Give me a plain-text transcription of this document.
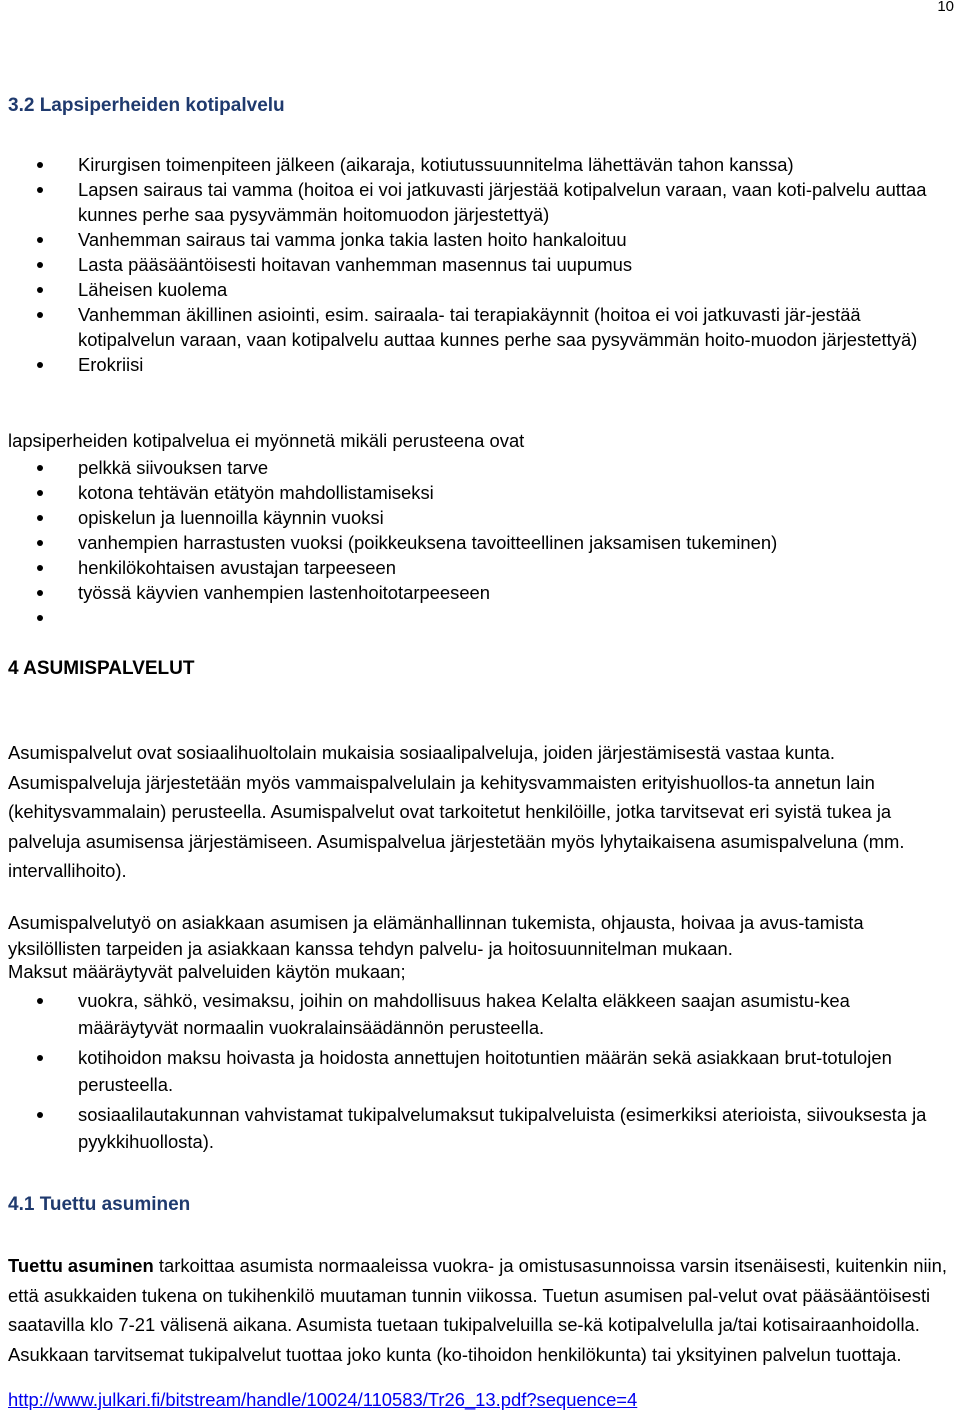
10
3.2 Lapsiperheiden kotipalvelu
Kirurgisen toimenpiteen jälkeen (aikaraja, kotiutussuunnitelma lähettävän tahon kanssa)
Lapsen sairaus tai vamma (hoitoa ei voi jatkuvasti järjestää kotipalvelun varaan, vaan koti-palvelu auttaa kunnes perhe saa pysyvämmän hoitomuodon järjestettyä)
Vanhemman sairaus tai vamma jonka takia lasten hoito hankaloituu
Lasta pääsääntöisesti hoitavan vanhemman masennus tai uupumus
Läheisen kuolema
Vanhemman äkillinen asiointi, esim. sairaala- tai terapiakäynnit (hoitoa ei voi jatkuvasti jär-jestää kotipalvelun varaan, vaan kotipalvelu auttaa kunnes perhe saa pysyvämmän hoito-muodon järjestettyä)
Erokriisi

lapsiperheiden kotipalvelua ei myönnetä mikäli perusteena ovat

pelkkä siivouksen tarve
kotona tehtävän etätyön mahdollistamiseksi
opiskelun ja luennoilla käynnin vuoksi
vanhempien harrastusten vuoksi (poikkeuksena tavoitteellinen jaksamisen tukeminen)
henkilökohtaisen avustajan tarpeeseen
työssä käyvien vanhempien lastenhoitotarpeeseen
4 ASUMISPALVELUT

Asumispalvelut ovat sosiaalihuoltolain mukaisia sosiaalipalveluja, joiden järjestämisestä vastaa kunta. Asumispalveluja järjestetään myös vammaispalvelulain ja kehitysvammaisten erityishuollos-ta annetun lain (kehitysvammalain) perusteella. Asumispalvelut ovat tarkoitetut henkilöille, jotka tarvitsevat eri syistä tukea ja palveluja asumisensa järjestämiseen. Asumispalvelua järjestetään myös lyhytaikaisena asumispalveluna (mm. intervallihoito).

Asumispalvelutyö on asiakkaan asumisen ja elämänhallinnan tukemista, ohjausta, hoivaa ja avus-tamista yksilöllisten tarpeiden ja asiakkaan kanssa tehdyn palvelu- ja hoitosuunnitelman mukaan.

Maksut määräytyvät palveluiden käytön mukaan;

vuokra, sähkö, vesimaksu, joihin on mahdollisuus hakea Kelalta eläkkeen saajan asumistu-kea määräytyvät normaalin vuokralainsäädännön perusteella.
kotihoidon maksu hoivasta ja hoidosta annettujen hoitotuntien määrän sekä asiakkaan brut-totulojen perusteella.
sosiaalilautakunnan vahvistamat tukipalvelumaksut tukipalveluista (esimerkiksi aterioista, siivouksesta ja pyykkihuollosta).
4.1 Tuettu asuminen

Tuettu asuminen tarkoittaa asumista normaaleissa vuokra- ja omistusasunnoissa varsin itsenäisesti, kuitenkin niin, että asukkaiden tukena on tukihenkilö muutaman tunnin viikossa. Tuetun asumisen pal-velut ovat pääsääntöisesti saatavilla klo 7-21 välisenä aikana. Asumista tuetaan tukipalveluilla se-kä kotipalvelulla ja/tai kotisairaanhoidolla. Asukkaan tarvitsemat tukipalvelut tuottaa joko kunta (ko-tihoidon henkilökunta) tai yksityinen palvelun tuottaja.

http://www.julkari.fi/bitstream/handle/10024/110583/Tr26_13.pdf?sequence=4
